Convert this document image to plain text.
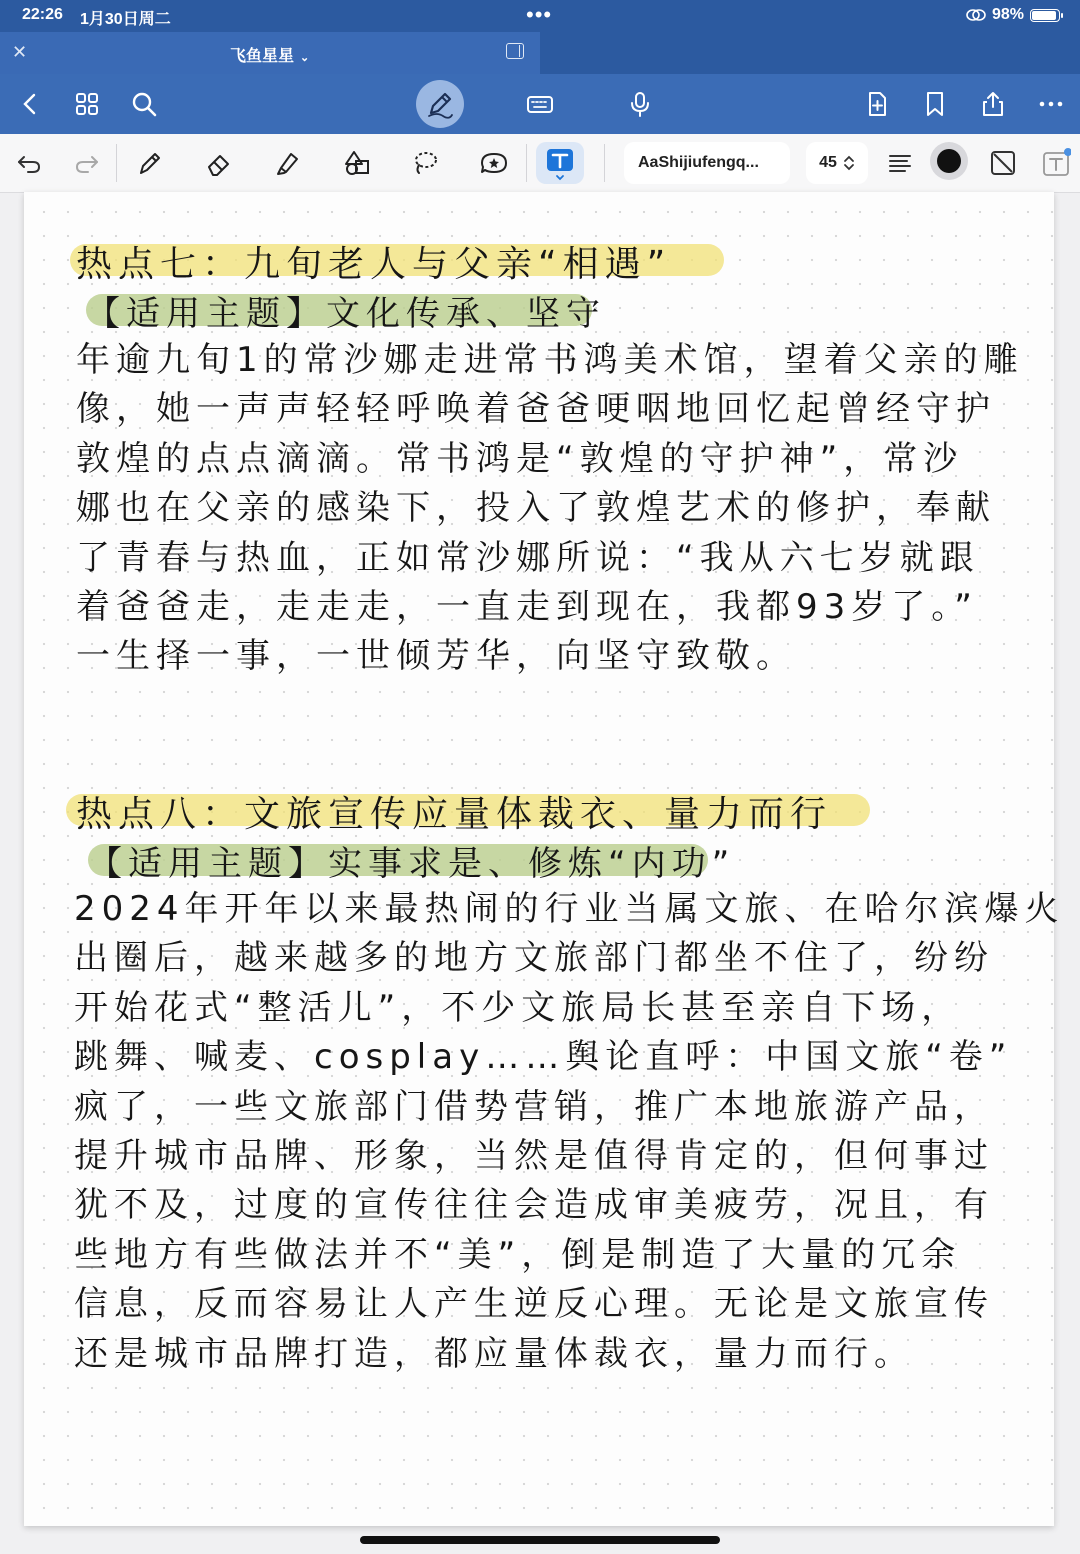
22:26 1月30日周二	•••	98%
✕	飞鱼星星 ⌄
AaShijiufengq...	45
热点七：九旬老人与父亲“相遇”
【适用主题】文化传承、坚守
年逾九旬1的常沙娜走进常书鸿美术馆，望着父亲的雕
像，她一声声轻轻呼唤着爸爸哽咽地回忆起曾经守护
敦煌的点点滴滴。常书鸿是“敦煌的守护神”，常沙
娜也在父亲的感染下，投入了敦煌艺术的修护，奉献
了青春与热血，正如常沙娜所说：“我从六七岁就跟
着爸爸走，走走走，一直走到现在，我都93岁了。”
一生择一事，一世倾芳华，向坚守致敬。
热点八：文旅宣传应量体裁衣、量力而行
【适用主题】实事求是、修炼“内功”
2024年开年以来最热闹的行业当属文旅、在哈尔滨爆火
出圈后，越来越多的地方文旅部门都坐不住了，纷纷
开始花式“整活儿”，不少文旅局长甚至亲自下场，
跳舞、喊麦、cosplay……舆论直呼：中国文旅“卷”
疯了，一些文旅部门借势营销，推广本地旅游产品，
提升城市品牌、形象，当然是值得肯定的，但何事过
犹不及，过度的宣传往往会造成审美疲劳，况且，有
些地方有些做法并不“美”，倒是制造了大量的冗余
信息，反而容易让人产生逆反心理。无论是文旅宣传
还是城市品牌打造，都应量体裁衣，量力而行。
